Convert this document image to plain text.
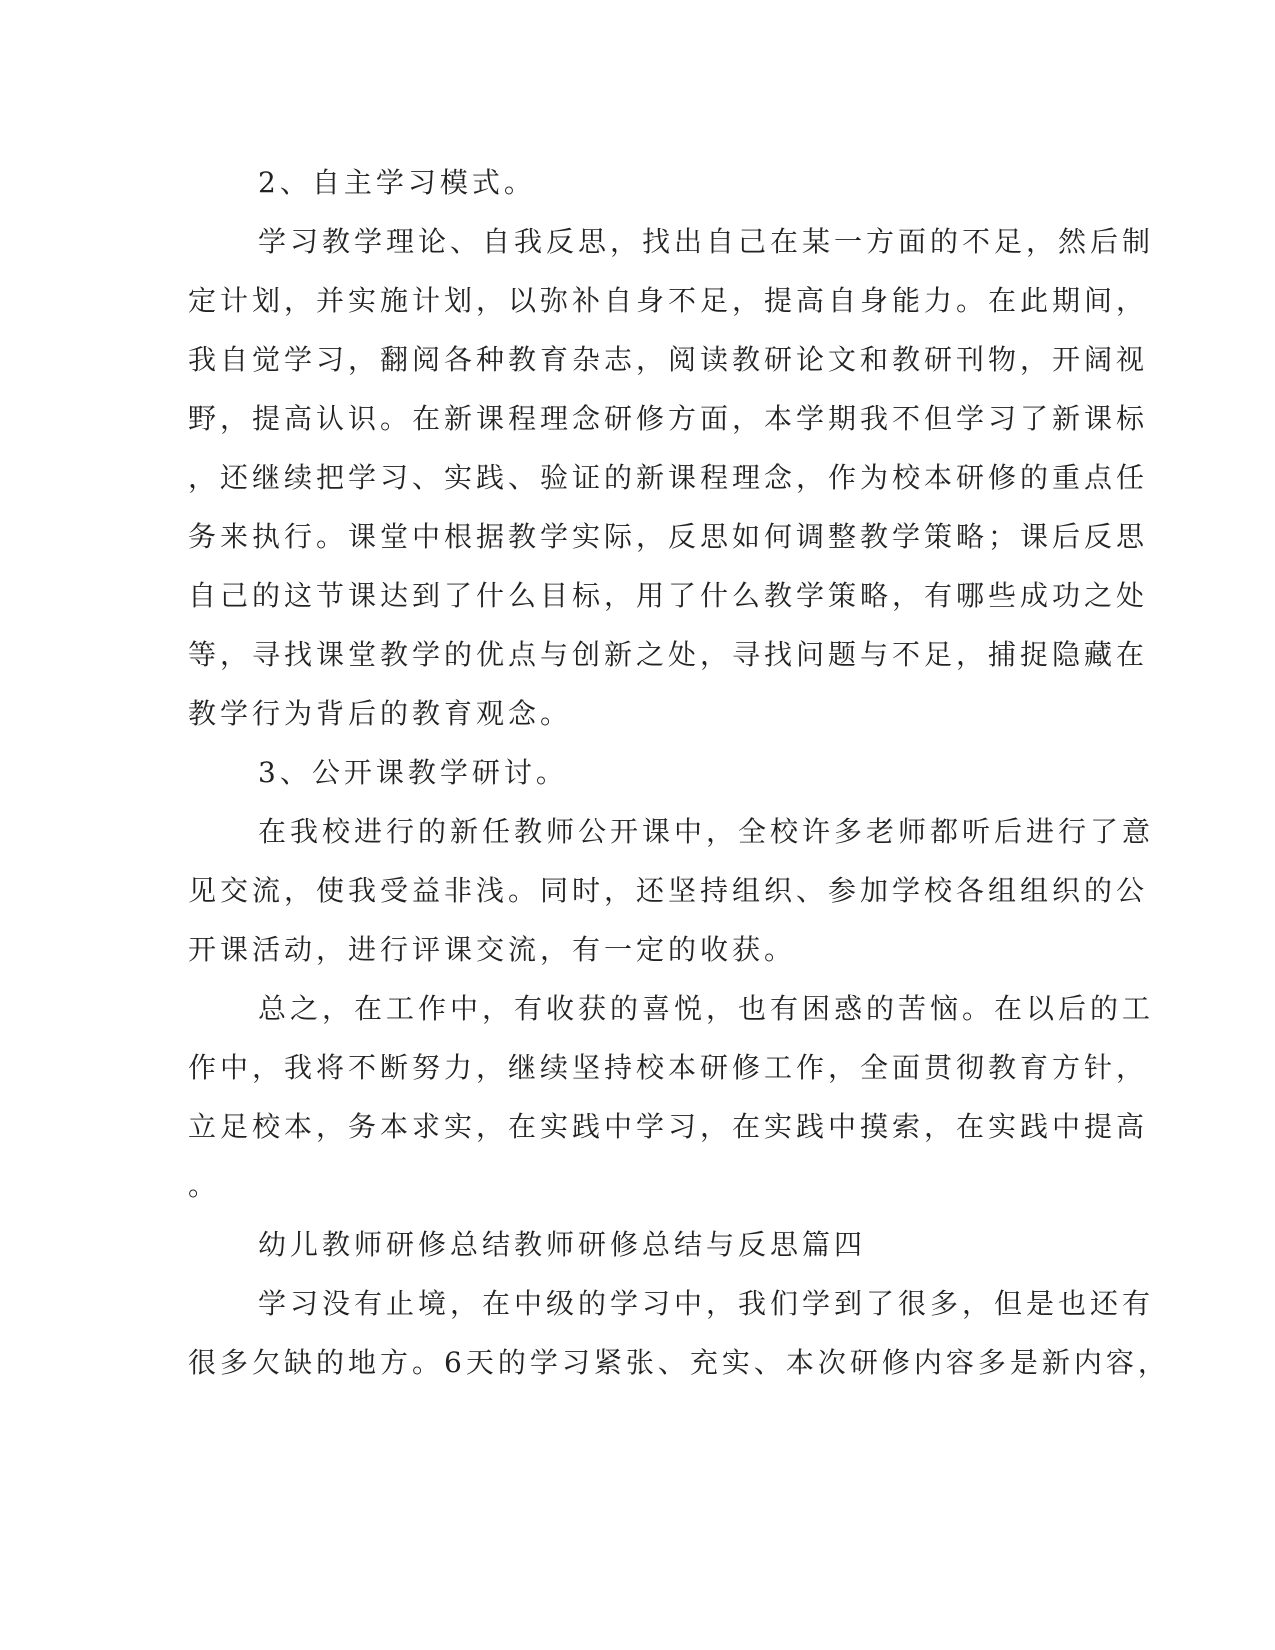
2、自主学习模式。
学习教学理论、自我反思，找出自己在某一方面的不足，然后制
定计划，并实施计划，以弥补自身不足，提高自身能力。在此期间，
我自觉学习，翻阅各种教育杂志，阅读教研论文和教研刊物，开阔视
野，提高认识。在新课程理念研修方面，本学期我不但学习了新课标
，还继续把学习、实践、验证的新课程理念，作为校本研修的重点任
务来执行。课堂中根据教学实际，反思如何调整教学策略；课后反思
自己的这节课达到了什么目标，用了什么教学策略，有哪些成功之处
等，寻找课堂教学的优点与创新之处，寻找问题与不足，捕捉隐藏在
教学行为背后的教育观念。
3、公开课教学研讨。
在我校进行的新任教师公开课中，全校许多老师都听后进行了意
见交流，使我受益非浅。同时，还坚持组织、参加学校各组组织的公
开课活动，进行评课交流，有一定的收获。
总之，在工作中，有收获的喜悦，也有困惑的苦恼。在以后的工
作中，我将不断努力，继续坚持校本研修工作，全面贯彻教育方针，
立足校本，务本求实，在实践中学习，在实践中摸索，在实践中提高
。
幼儿教师研修总结教师研修总结与反思篇四
学习没有止境，在中级的学习中，我们学到了很多，但是也还有
很多欠缺的地方。6天的学习紧张、充实、本次研修内容多是新内容，
